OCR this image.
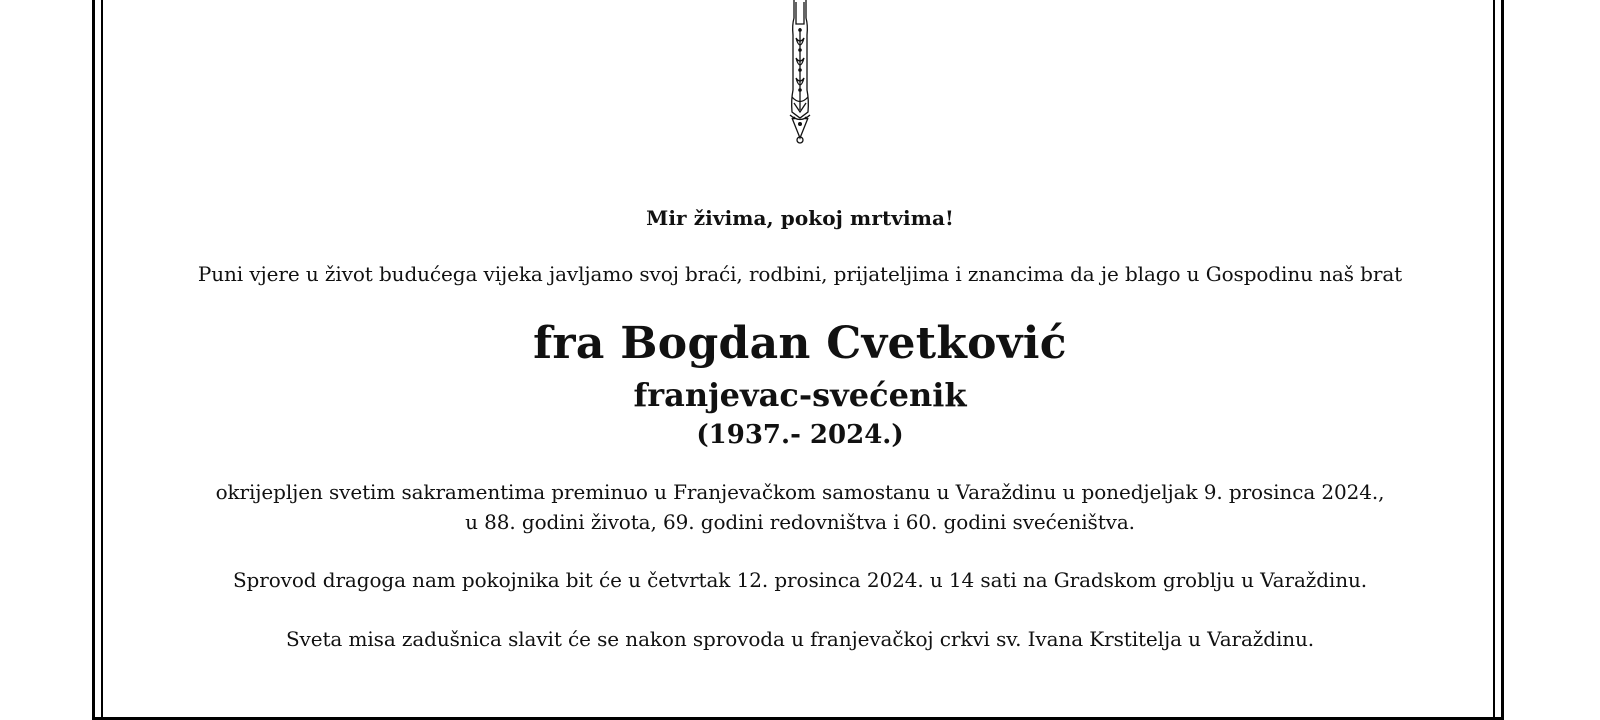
Mir živima, pokoj mrtvima!
Puni vjere u život budućega vijeka javljamo svoj braći, rodbini, prijateljima i znancima da je blago u Gospodinu naš brat
fra Bogdan Cvetković
franjevac-svećenik
(1937.- 2024.)
okrijepljen svetim sakramentima preminuo u Franjevačkom samostanu u Varaždinu u ponedjeljak 9. prosinca 2024.,
u 88. godini života, 69. godini redovništva i 60. godini svećeništva.
Sprovod dragoga nam pokojnika bit će u četvrtak 12. prosinca 2024. u 14 sati na Gradskom groblju u Varaždinu.
Sveta misa zadušnica slavit će se nakon sprovoda u franjevačkoj crkvi sv. Ivana Krstitelja u Varaždinu.
